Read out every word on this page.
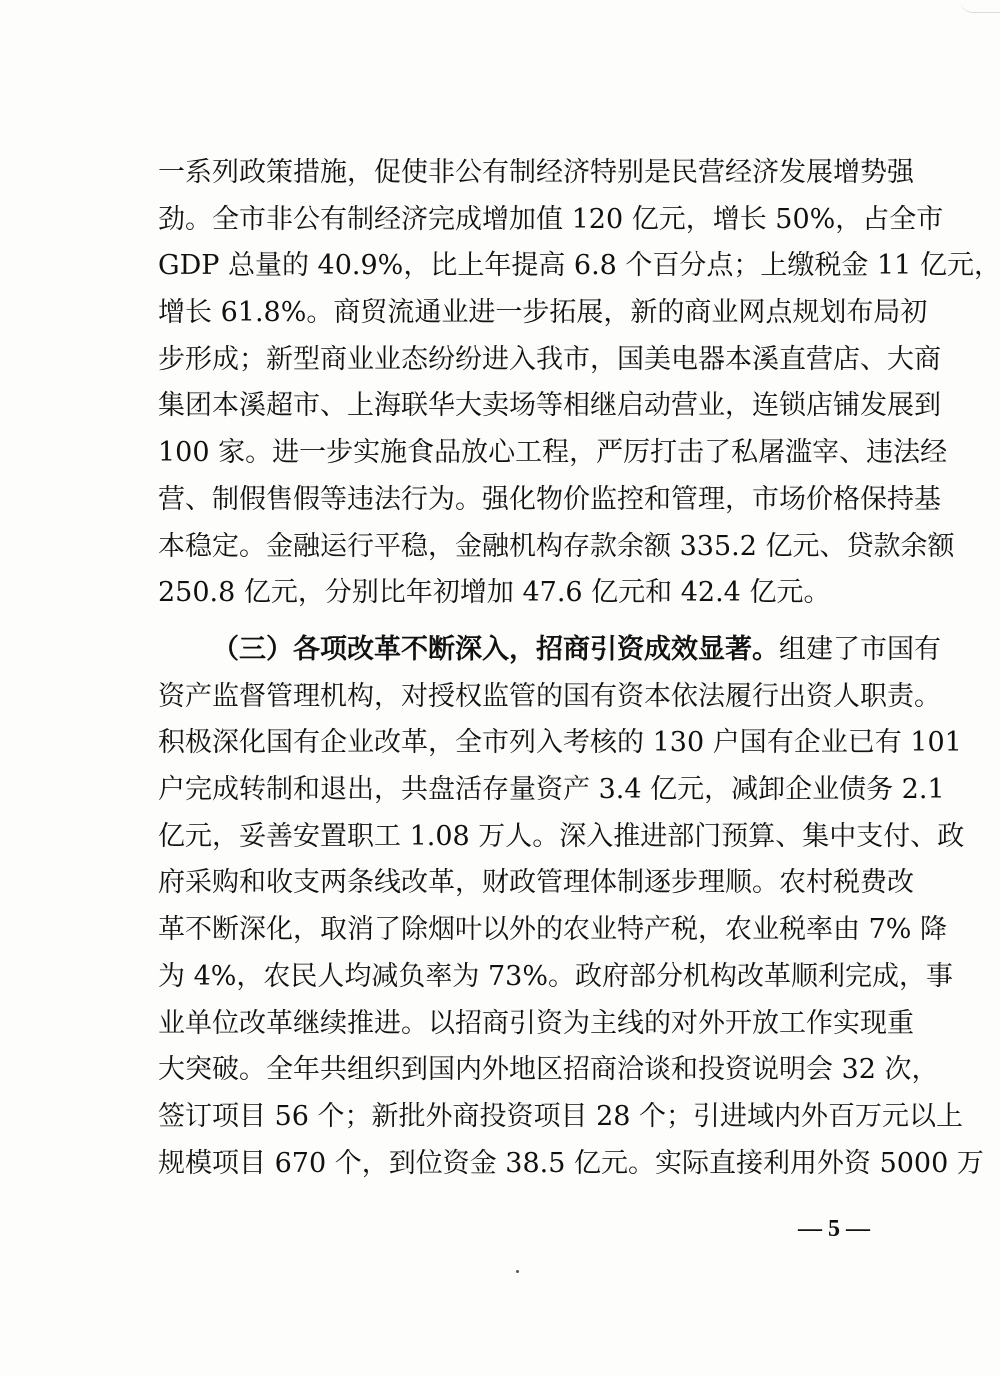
一系列政策措施，促使非公有制经济特别是民营经济发展增势强
劲。全市非公有制经济完成增加值 120 亿元，增长 50%，占全市
GDP 总量的 40.9%，比上年提高 6.8 个百分点；上缴税金 11 亿元，
增长 61.8%。商贸流通业进一步拓展，新的商业网点规划布局初
步形成；新型商业业态纷纷进入我市，国美电器本溪直营店、大商
集团本溪超市、上海联华大卖场等相继启动营业，连锁店铺发展到
100 家。进一步实施食品放心工程，严厉打击了私屠滥宰、违法经
营、制假售假等违法行为。强化物价监控和管理，市场价格保持基
本稳定。金融运行平稳，金融机构存款余额 335.2 亿元、贷款余额
250.8 亿元，分别比年初增加 47.6 亿元和 42.4 亿元。
（三）各项改革不断深入，招商引资成效显著。组建了市国有
资产监督管理机构，对授权监管的国有资本依法履行出资人职责。
积极深化国有企业改革，全市列入考核的 130 户国有企业已有 101
户完成转制和退出，共盘活存量资产 3.4 亿元，减卸企业债务 2.1
亿元，妥善安置职工 1.08 万人。深入推进部门预算、集中支付、政
府采购和收支两条线改革，财政管理体制逐步理顺。农村税费改
革不断深化，取消了除烟叶以外的农业特产税，农业税率由 7% 降
为 4%，农民人均减负率为 73%。政府部分机构改革顺利完成，事
业单位改革继续推进。以招商引资为主线的对外开放工作实现重
大突破。全年共组织到国内外地区招商洽谈和投资说明会 32 次，
签订项目 56 个；新批外商投资项目 28 个；引进域内外百万元以上
规模项目 670 个，到位资金 38.5 亿元。实际直接利用外资 5000 万
— 5 —
